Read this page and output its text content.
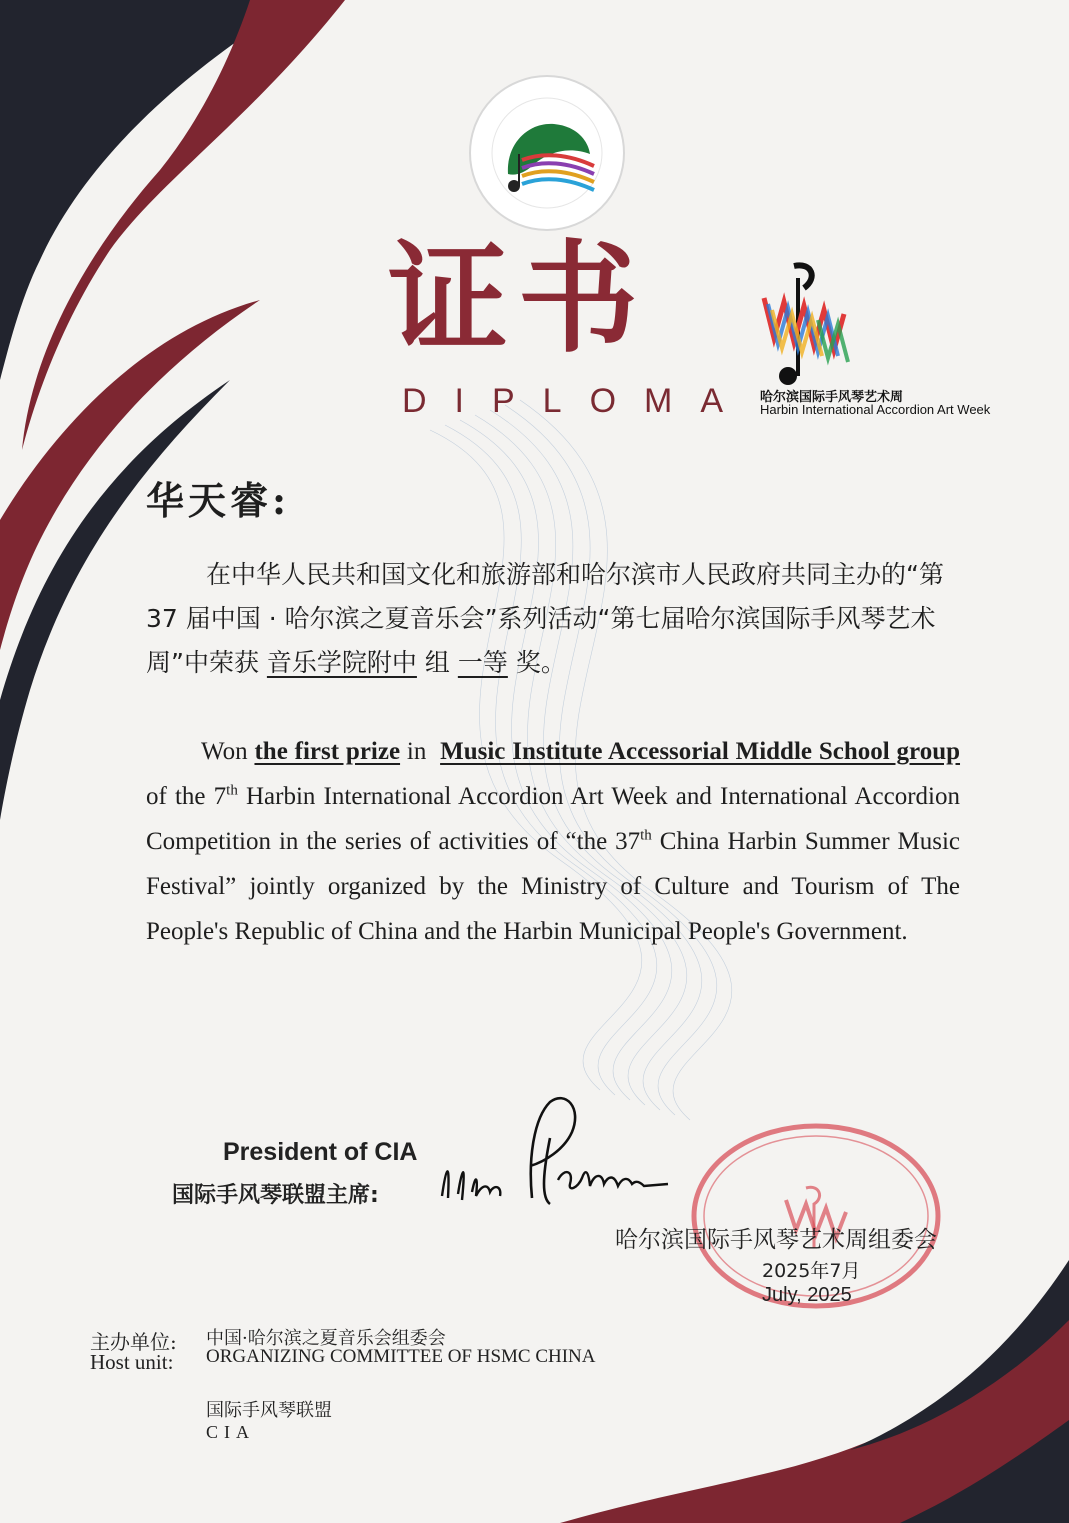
证书
DIPLOMA 哈尔滨国际手风琴艺术周
Harbin International Accordion Art Week
华天睿:

在中华人民共和国文化和旅游部和哈尔滨市人民政府共同主办的“第 37 届中国 · 哈尔滨之夏音乐会”系列活动“第七届哈尔滨国际手风琴艺术周”中荣获 音乐学院附中 组 一等 奖。

Won the first prize in Music Institute Accessorial Middle School group of the 7th Harbin International Accordion Art Week and International Accordion Competition in the series of activities of “the 37th China Harbin Summer Music Festival” jointly organized by the Ministry of Culture and Tourism of The People's Republic of China and the Harbin Municipal People's Government.

President of CIA
国际手风琴联盟主席:
哈尔滨国际手风琴艺术周组委会
2025年7月
July, 2025
主办单位: 中国·哈尔滨之夏音乐会组委会
Host unit: ORGANIZING COMMITTEE OF HSMC CHINA
国际手风琴联盟
CIA
